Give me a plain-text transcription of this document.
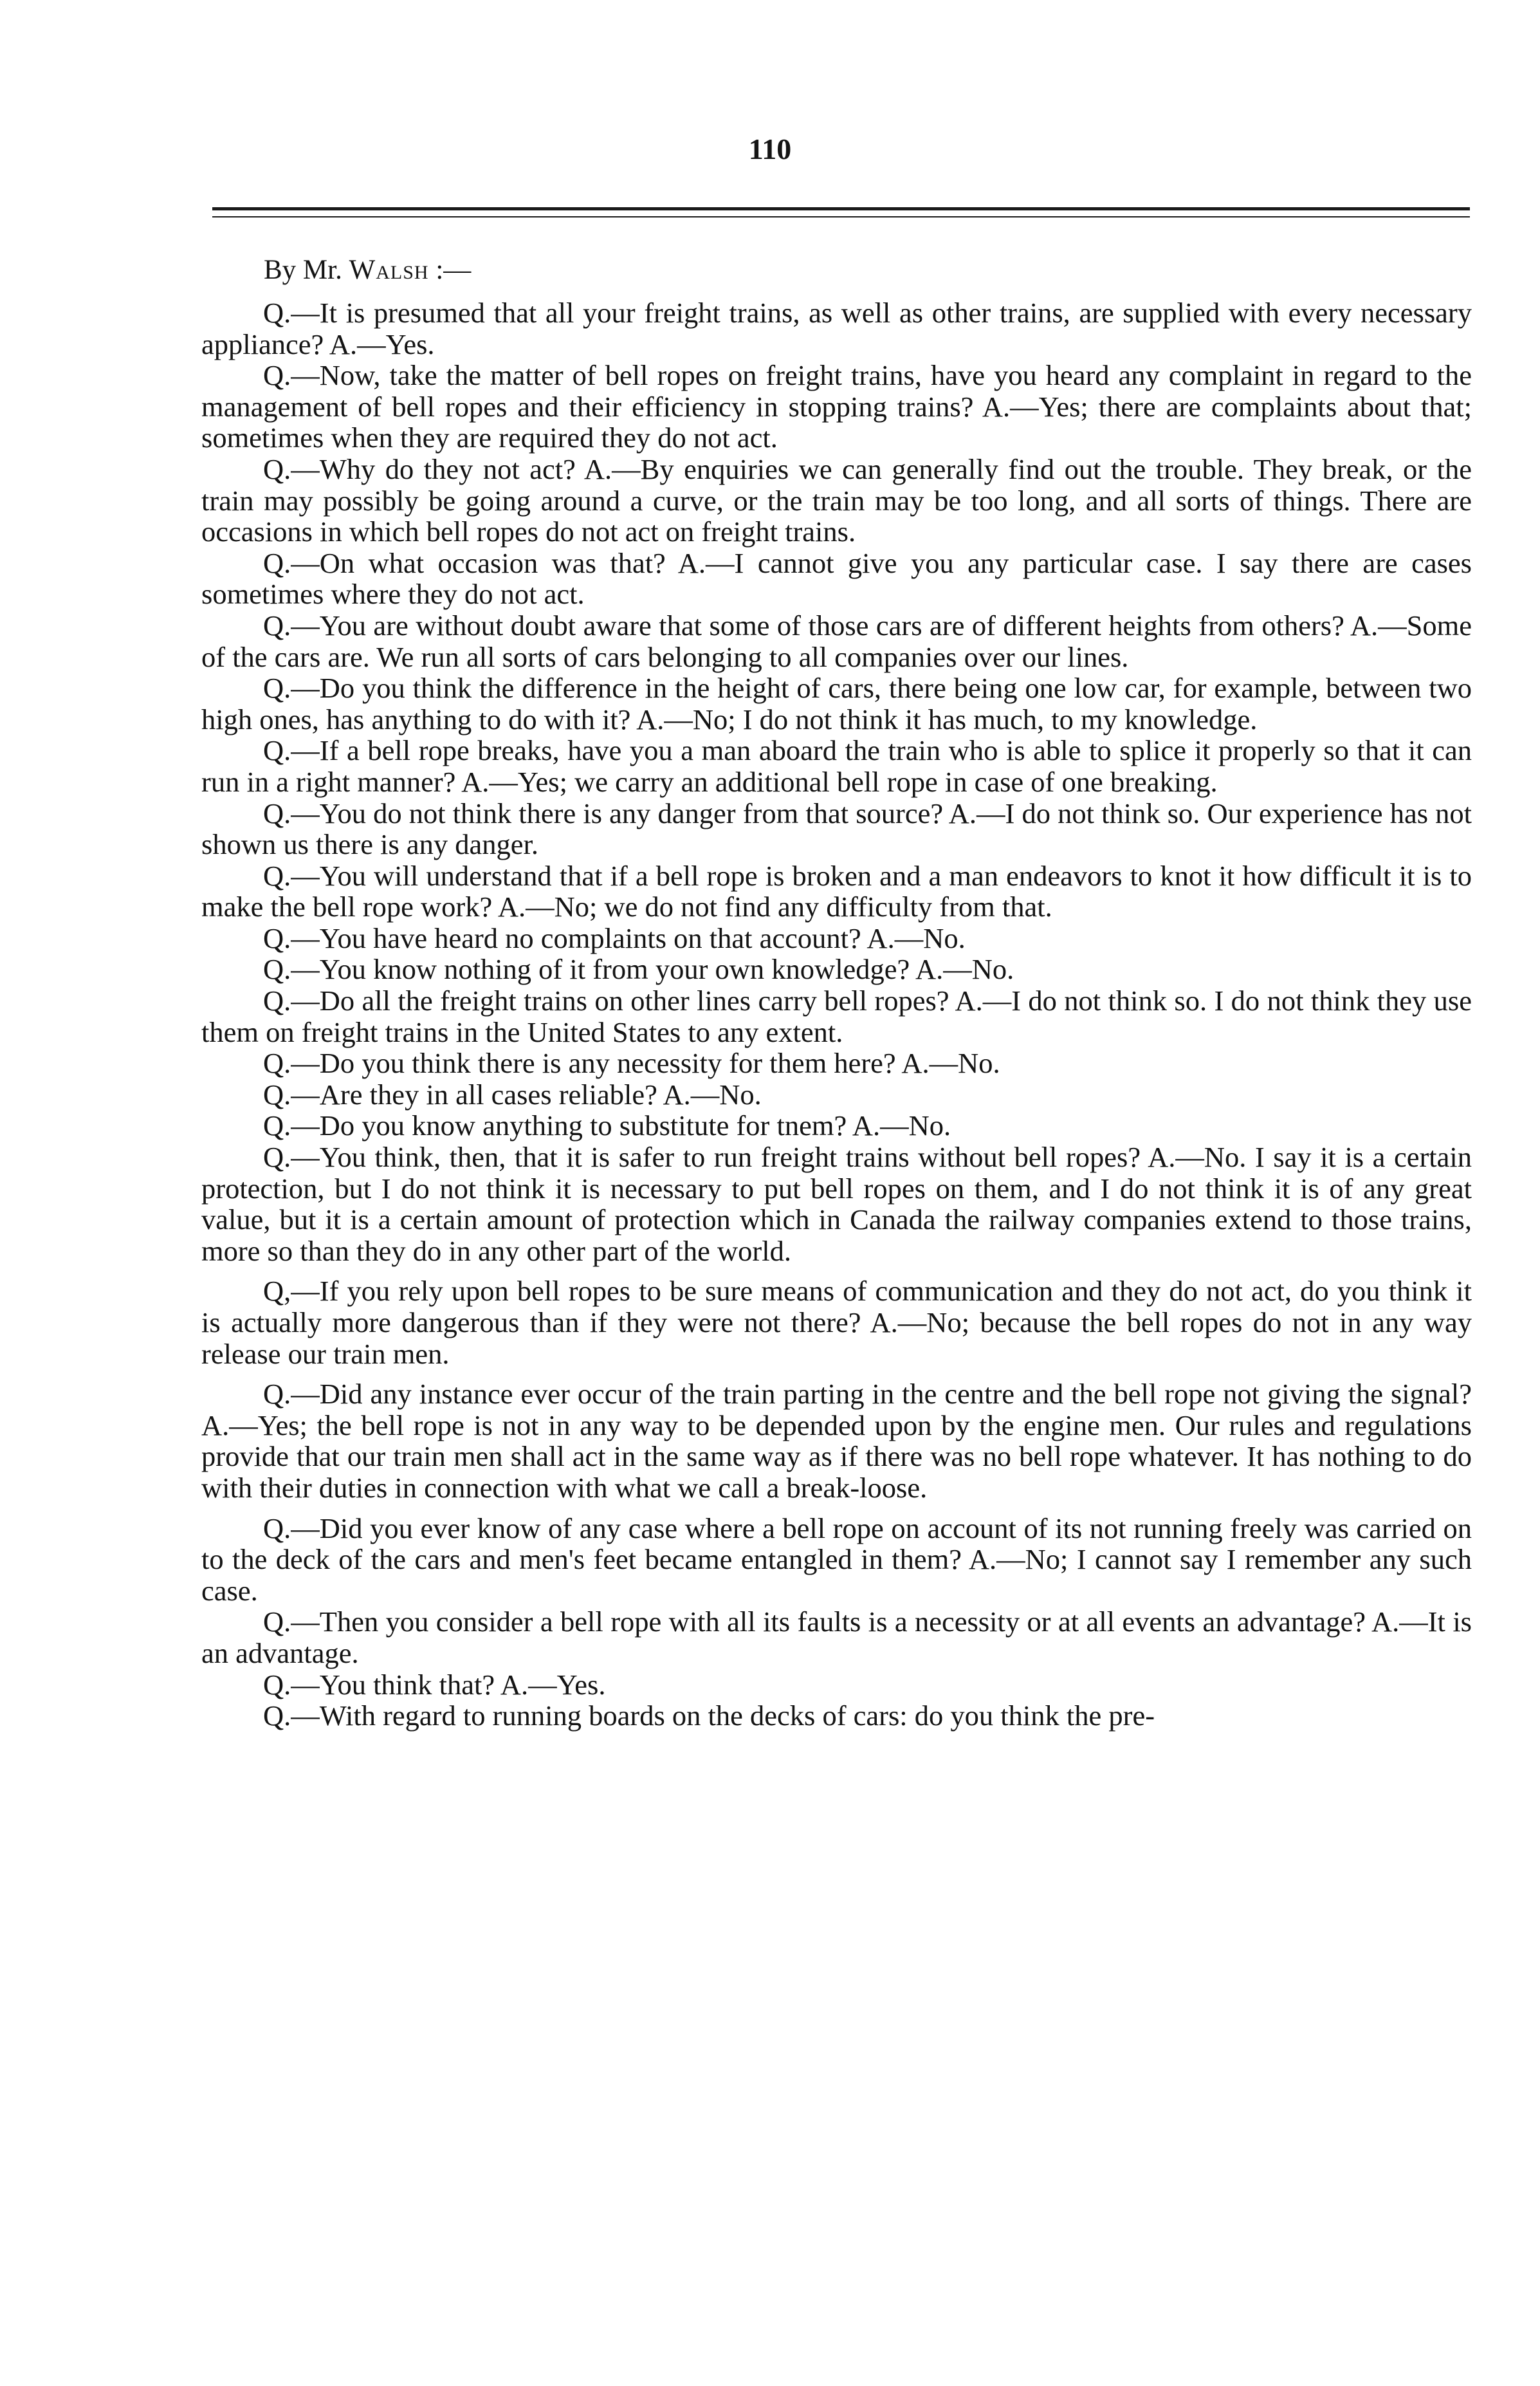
110
By Mr. Walsh :—

Q.—It is presumed that all your freight trains, as well as other trains, are supplied with every necessary appliance? A.—Yes.

Q.—Now, take the matter of bell ropes on freight trains, have you heard any complaint in regard to the management of bell ropes and their efficiency in stopping trains? A.—Yes; there are complaints about that; sometimes when they are required they do not act.

Q.—Why do they not act? A.—By enquiries we can generally find out the trouble. They break, or the train may possibly be going around a curve, or the train may be too long, and all sorts of things. There are occasions in which bell ropes do not act on freight trains.

Q.—On what occasion was that? A.—I cannot give you any particular case. I say there are cases sometimes where they do not act.

Q.—You are without doubt aware that some of those cars are of different heights from others? A.—Some of the cars are. We run all sorts of cars belonging to all companies over our lines.

Q.—Do you think the difference in the height of cars, there being one low car, for example, between two high ones, has anything to do with it? A.—No; I do not think it has much, to my knowledge.

Q.—If a bell rope breaks, have you a man aboard the train who is able to splice it properly so that it can run in a right manner? A.—Yes; we carry an additional bell rope in case of one breaking.

Q.—You do not think there is any danger from that source? A.—I do not think so. Our experience has not shown us there is any danger.

Q.—You will understand that if a bell rope is broken and a man endeavors to knot it how difficult it is to make the bell rope work? A.—No; we do not find any difficulty from that.

Q.—You have heard no complaints on that account? A.—No.

Q.—You know nothing of it from your own knowledge? A.—No.

Q.—Do all the freight trains on other lines carry bell ropes? A.—I do not think so. I do not think they use them on freight trains in the United States to any extent.

Q.—Do you think there is any necessity for them here? A.—No.

Q.—Are they in all cases reliable? A.—No.

Q.—Do you know anything to substitute for tnem? A.—No.

Q.—You think, then, that it is safer to run freight trains without bell ropes? A.—No. I say it is a certain protection, but I do not think it is necessary to put bell ropes on them, and I do not think it is of any great value, but it is a certain amount of protection which in Canada the railway companies extend to those trains, more so than they do in any other part of the world.

Q,—If you rely upon bell ropes to be sure means of communication and they do not act, do you think it is actually more dangerous than if they were not there? A.—No; because the bell ropes do not in any way release our train men.

Q.—Did any instance ever occur of the train parting in the centre and the bell rope not giving the signal? A.—Yes; the bell rope is not in any way to be depended upon by the engine men. Our rules and regulations provide that our train men shall act in the same way as if there was no bell rope whatever. It has nothing to do with their duties in connection with what we call a break-loose.

Q.—Did you ever know of any case where a bell rope on account of its not running freely was carried on to the deck of the cars and men's feet became entangled in them? A.—No; I cannot say I remember any such case.

Q.—Then you consider a bell rope with all its faults is a necessity or at all events an advantage? A.—It is an advantage.

Q.—You think that? A.—Yes.

Q.—With regard to running boards on the decks of cars: do you think the pre-
